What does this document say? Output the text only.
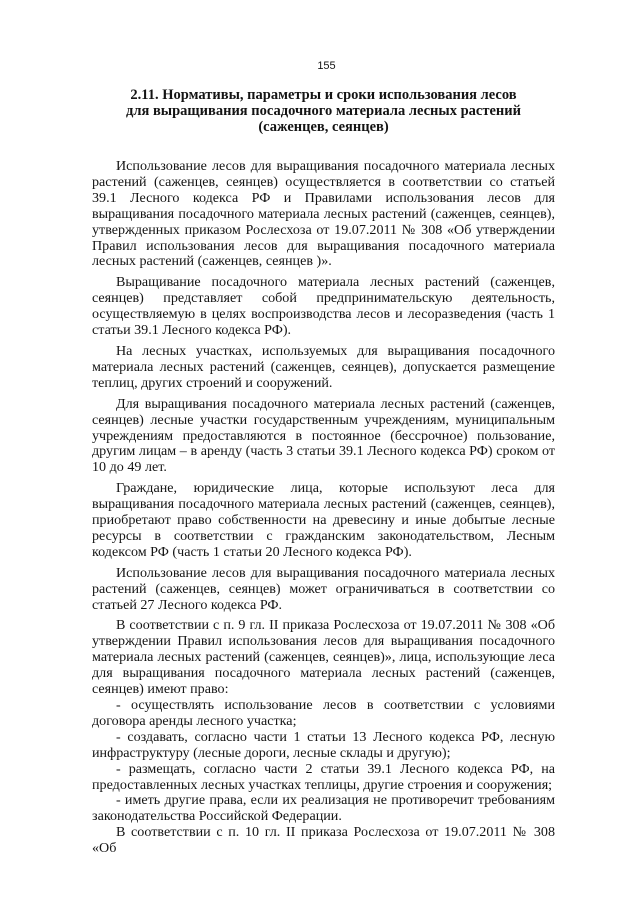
155
2.11. Нормативы, параметры и сроки использования лесов
для выращивания посадочного материала лесных растений
(саженцев, сеянцев)

Использование лесов для выращивания посадочного материала лесных растений (саженцев, сеянцев) осуществляется в соответствии со статьей 39.1 Лесного кодекса РФ и Правилами использования лесов для выращивания посадочного материала лесных растений (саженцев, сеянцев), утвержденных приказом Рослесхоза от 19.07.2011 № 308 «Об утверждении Правил использования лесов для выращивания посадочного материала лесных растений (саженцев, сеянцев )».

Выращивание посадочного материала лесных растений (саженцев, сеянцев) представляет собой предпринимательскую деятельность, осуществляемую в целях воспроизводства лесов и лесоразведения (часть 1 статьи 39.1 Лесного кодекса РФ).

На лесных участках, используемых для выращивания посадочного материала лесных растений (саженцев, сеянцев), допускается размещение теплиц, других строений и сооружений.

Для выращивания посадочного материала лесных растений (саженцев, сеянцев) лесные участки государственным учреждениям, муниципальным учреждениям предоставляются в постоянное (бессрочное) пользование, другим лицам – в аренду (часть 3 статьи 39.1 Лесного кодекса РФ) сроком от 10 до 49 лет.

Граждане, юридические лица, которые используют леса для выращивания посадочного материала лесных растений (саженцев, сеянцев), приобретают право собственности на древесину и иные добытые лесные ресурсы в соответствии с гражданским законодательством, Лесным кодексом РФ (часть 1 статьи 20 Лесного кодекса РФ).

Использование лесов для выращивания посадочного материала лесных растений (саженцев, сеянцев) может ограничиваться в соответствии со статьей 27 Лесного кодекса РФ.

В соответствии с п. 9 гл. II приказа Рослесхоза от 19.07.2011 № 308 «Об утверждении Правил использования лесов для выращивания посадочного материала лесных растений (саженцев, сеянцев)», лица, использующие леса для выращивания посадочного материала лесных растений (саженцев, сеянцев) имеют право:

- осуществлять использование лесов в соответствии с условиями договора аренды лесного участка;

- создавать, согласно части 1 статьи 13 Лесного кодекса РФ, лесную инфраструктуру (лесные дороги, лесные склады и другую);

- размещать, согласно части 2 статьи 39.1 Лесного кодекса РФ, на предоставленных лесных участках теплицы, другие строения и сооружения;

- иметь другие права, если их реализация не противоречит требованиям законодательства Российской Федерации.

В соответствии с п. 10 гл. II приказа Рослесхоза от 19.07.2011 № 308 «Об
